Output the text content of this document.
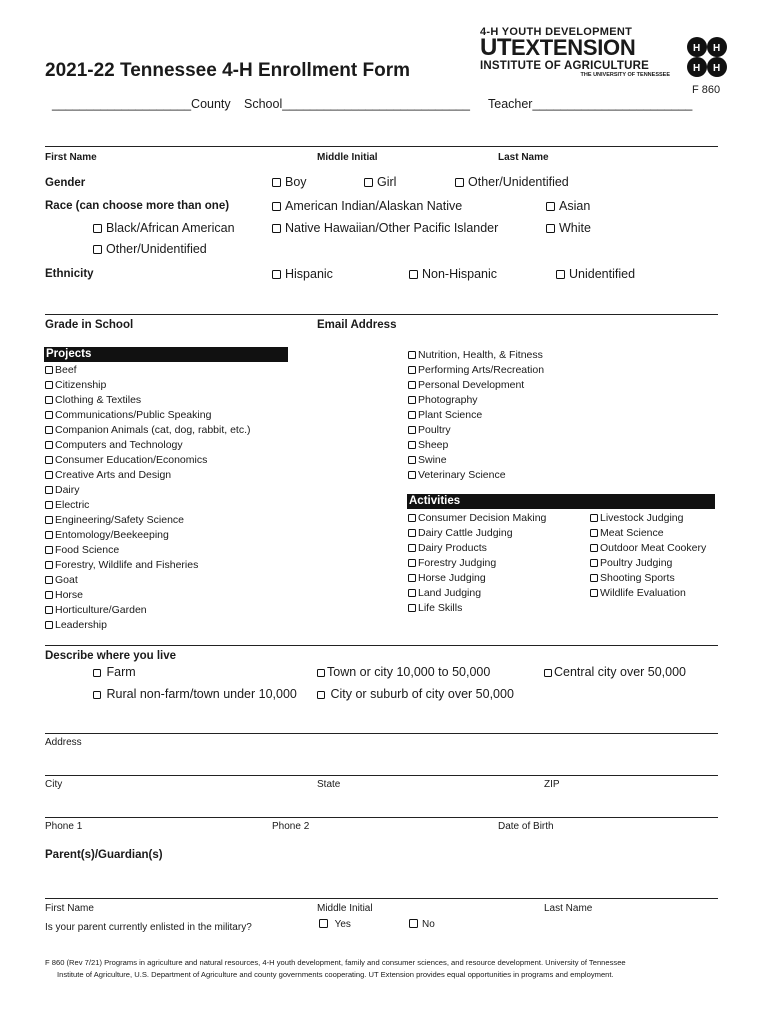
2021-22 Tennessee 4-H Enrollment Form
4-H YOUTH DEVELOPMENT
UT EXTENSION
INSTITUTE OF AGRICULTURE
THE UNIVERSITY OF TENNESSEE
H H
H H
F 860
____________________County School___________________________ Teacher_______________________
First Name	Middle Initial	Last Name
Gender	Boy	Girl	Other/Unidentified
Race (can choose more than one)	American Indian/Alaskan Native	Asian
Black/African American	Native Hawaiian/Other Pacific Islander	White
Other/Unidentified
Ethnicity	Hispanic	Non-Hispanic	Unidentified
Grade in School	Email Address
Projects
Beef
Citizenship
Clothing & Textiles
Communications/Public Speaking
Companion Animals (cat, dog, rabbit, etc.)
Computers and Technology
Consumer Education/Economics
Creative Arts and Design
Dairy
Electric
Engineering/Safety Science
Entomology/Beekeeping
Food Science
Forestry, Wildlife and Fisheries
Goat
Horse
Horticulture/Garden
Leadership
Nutrition, Health, & Fitness
Performing Arts/Recreation
Personal Development
Photography
Plant Science
Poultry
Sheep
Swine
Veterinary Science
Activities
Consumer Decision Making
Dairy Cattle Judging
Dairy Products
Forestry Judging
Horse Judging
Land Judging
Life Skills
Livestock Judging
Meat Science
Outdoor Meat Cookery
Poultry Judging
Shooting Sports
Wildlife Evaluation
Describe where you live
Farm	Town or city 10,000 to 50,000	Central city over 50,000
Rural non-farm/town under 10,000	City or suburb of city over 50,000
Address
City	State	ZIP
Phone 1	Phone 2	Date of Birth
Parent(s)/Guardian(s)
First Name	Middle Initial	Last Name
Is your parent currently enlisted in the military?	Yes	No
F 860 (Rev 7/21) Programs in agriculture and natural resources, 4-H youth development, family and consumer sciences, and resource development. University of Tennessee
Institute of Agriculture, U.S. Department of Agriculture and county governments cooperating. UT Extension provides equal opportunities in programs and employment.
